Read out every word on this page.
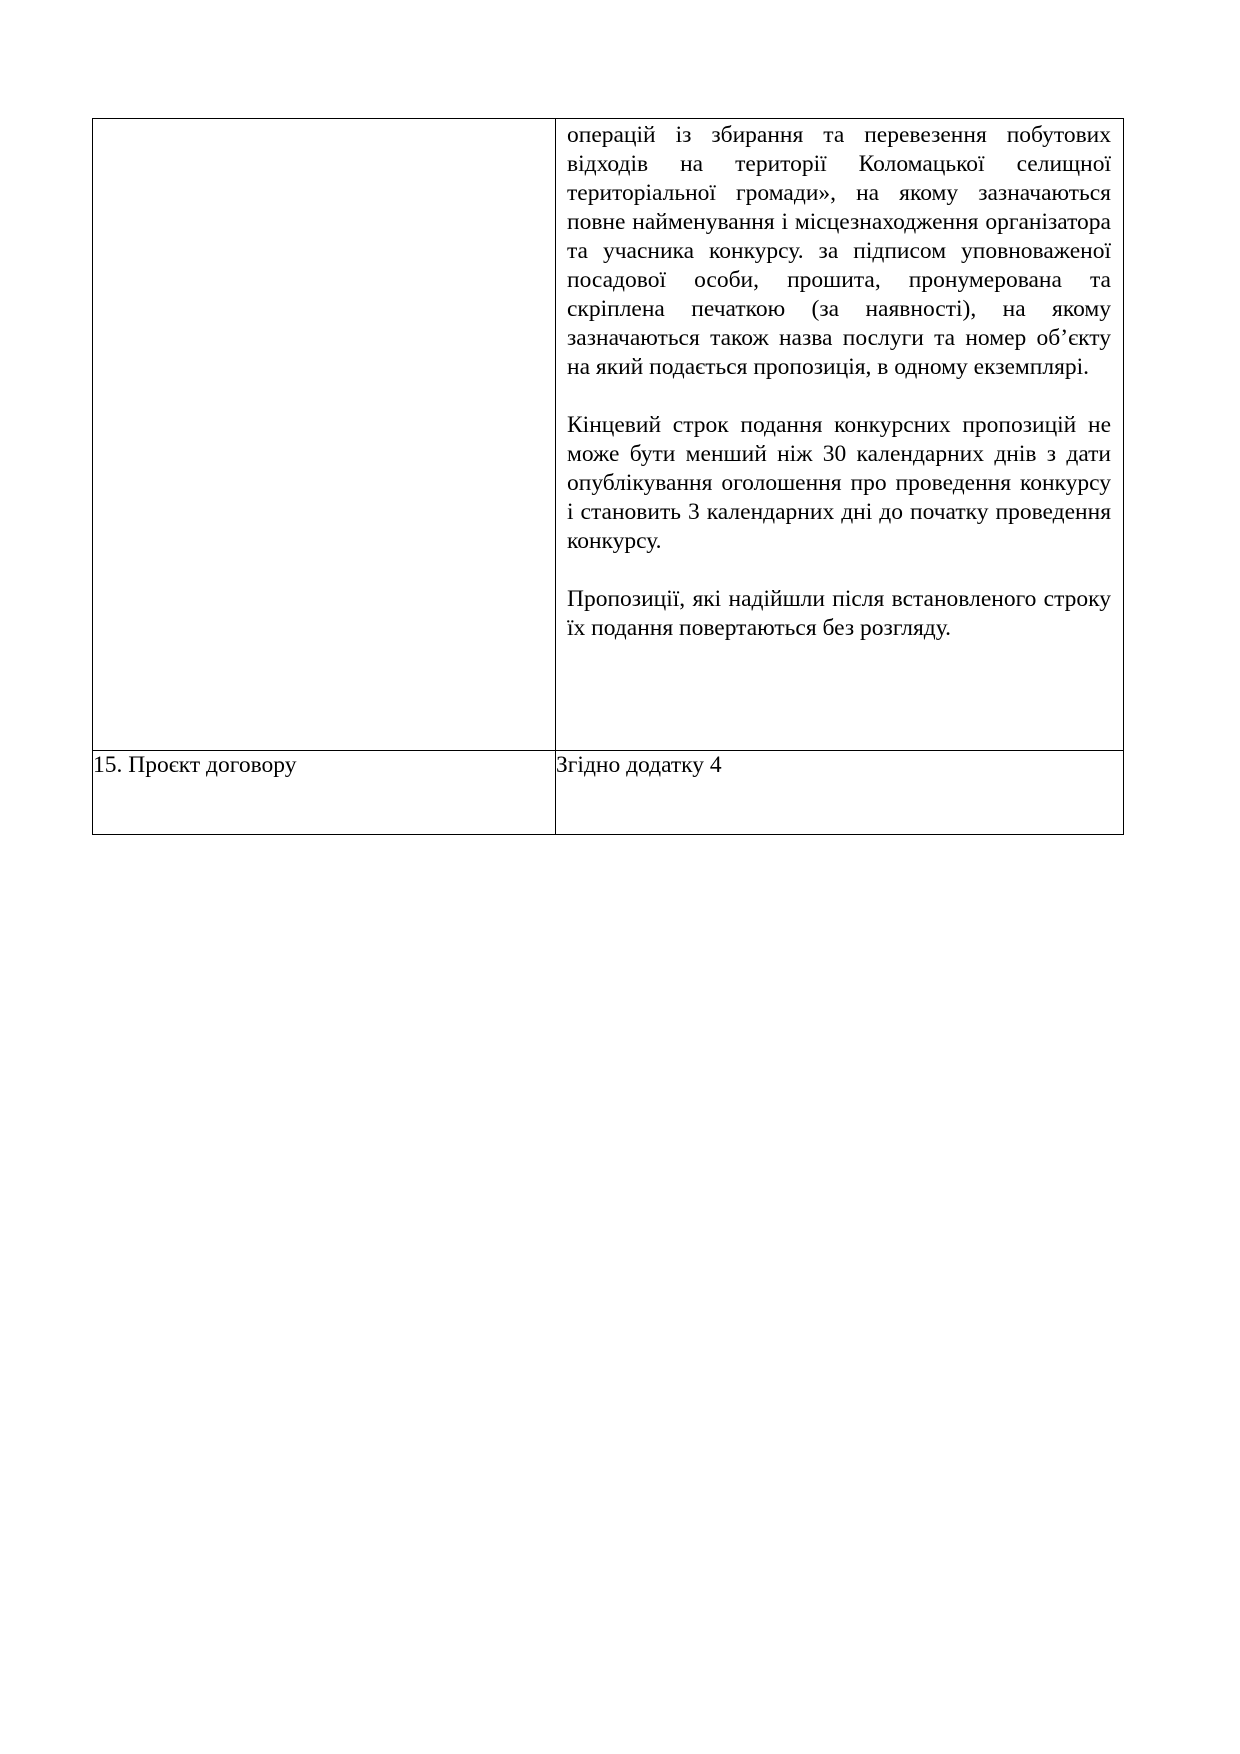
	операцій із збирання та перевезення побутових відходів на території Коломацької селищної територіальної громади», на якому зазначаються повне найменування і місцезнаходження організатора та учасника конкурсу. за підписом уповноваженої посадової особи, прошита, пронумерована та скріплена печаткою (за наявності), на якому зазначаються також назва послуги та номер об’єкту на який подається пропозиція, в одному екземплярі.

Кінцевий строк подання конкурсних пропозицій не може бути менший ніж 30 календарних днів з дати опублікування оголошення про проведення конкурсу і становить 3 календарних дні до початку проведення конкурсу.

Пропозиції, які надійшли після встановленого строку їх подання повертаються без розгляду.

15. Проєкт договору	Згідно додатку 4
